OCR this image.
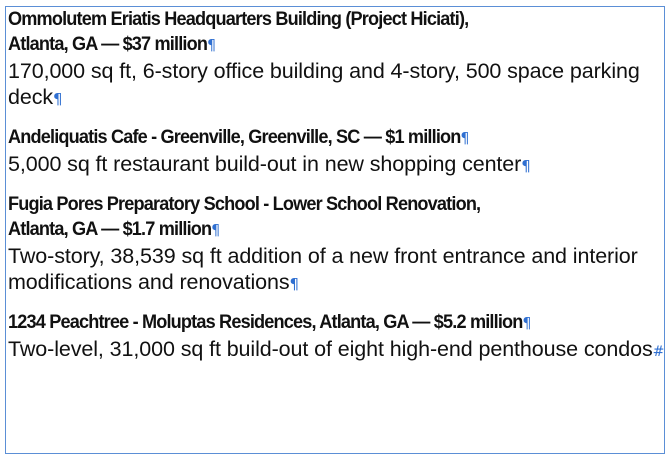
Ommolutem Eriatis Headquarters Building (Project Hiciati),
Atlanta, GA — $37 million¶
170,000 sq ft, 6-story office building and 4-story, 500 space parking deck¶
Andeliquatis Cafe - Greenville, Greenville, SC — $1 million¶
5,000 sq ft restaurant build-out in new shopping center¶
Fugia Pores Preparatory School - Lower School Renovation,
Atlanta, GA — $1.7 million¶
Two-story, 38,539 sq ft addition of a new front entrance and interior modifications and renovations¶
1234 Peachtree - Moluptas Residences, Atlanta, GA — $5.2 million¶
Two-level, 31,000 sq ft build-out of eight high-end penthouse condos#
